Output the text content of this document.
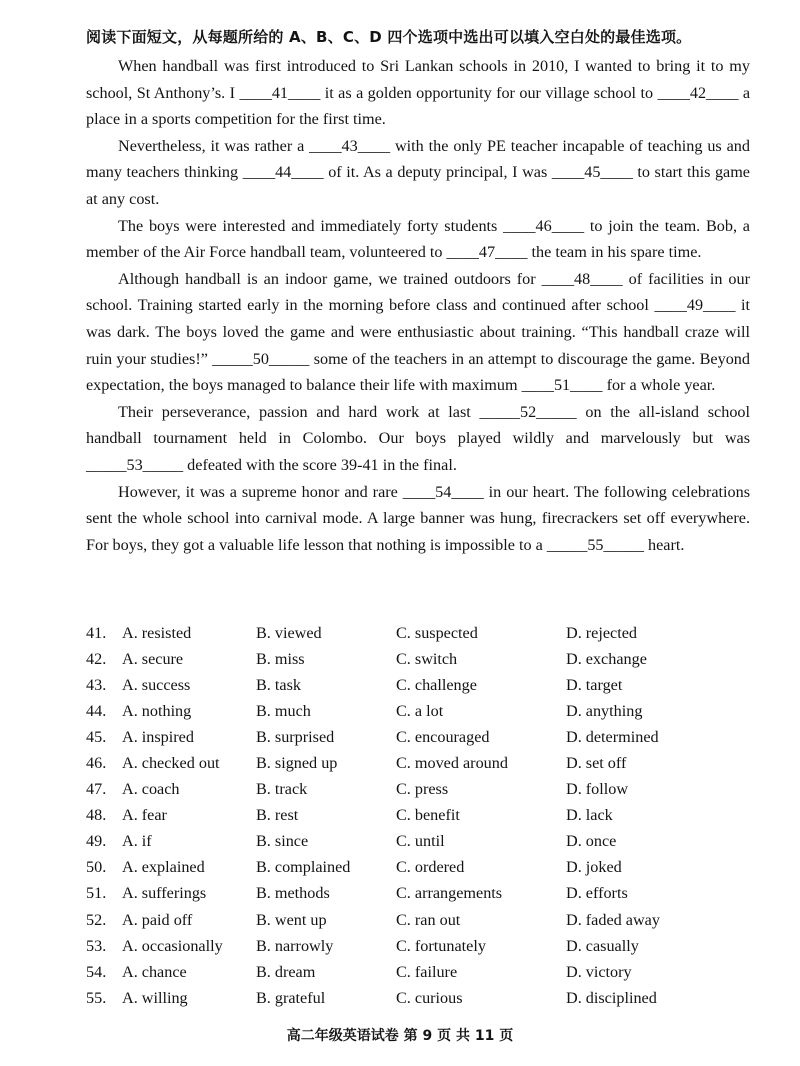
阅读下面短文，从每题所给的 A、B、C、D 四个选项中选出可以填入空白处的最佳选项。

When handball was first introduced to Sri Lankan schools in 2010, I wanted to bring it to my school, St Anthony’s. I ____41____ it as a golden opportunity for our village school to ____42____ a place in a sports competition for the first time.

Nevertheless, it was rather a ____43____ with the only PE teacher incapable of teaching us and many teachers thinking ____44____ of it. As a deputy principal, I was ____45____ to start this game at any cost.

The boys were interested and immediately forty students ____46____ to join the team. Bob, a member of the Air Force handball team, volunteered to ____47____ the team in his spare time.

Although handball is an indoor game, we trained outdoors for ____48____ of facilities in our school. Training started early in the morning before class and continued after school ____49____ it was dark. The boys loved the game and were enthusiastic about training. “This handball craze will ruin your studies!” _____50_____ some of the teachers in an attempt to discourage the game. Beyond expectation, the boys managed to balance their life with maximum ____51____ for a whole year.

Their perseverance, passion and hard work at last _____52_____ on the all-island school handball tournament held in Colombo. Our boys played wildly and marvelously but was _____53_____ defeated with the score 39-41 in the final.

However, it was a supreme honor and rare ____54____ in our heart. The following celebrations sent the whole school into carnival mode. A large banner was hung, firecrackers set off everywhere. For boys, they got a valuable life lesson that nothing is impossible to a _____55_____ heart.

41. A. resisted	B. viewed	C. suspected	D. rejected
42. A. secure	B. miss	C. switch	D. exchange
43. A. success	B. task	C. challenge	D. target
44. A. nothing	B. much	C. a lot	D. anything
45. A. inspired	B. surprised	C. encouraged	D. determined
46. A. checked out B. signed up	C. moved around	D. set off
47. A. coach	B. track	C. press	D. follow
48. A. fear	B. rest	C. benefit	D. lack
49. A. if	B. since	C. until	D. once
50. A. explained	B. complained	C. ordered	D. joked
51. A. sufferings	B. methods	C. arrangements	D. efforts
52. A. paid off	B. went up	C. ran out	D. faded away
53. A. occasionally B. narrowly	C. fortunately	D. casually
54. A. chance	B. dream	C. failure	D. victory
55. A. willing	B. grateful	C. curious	D. disciplined
高二年级英语试卷 第 9 页 共 11 页
